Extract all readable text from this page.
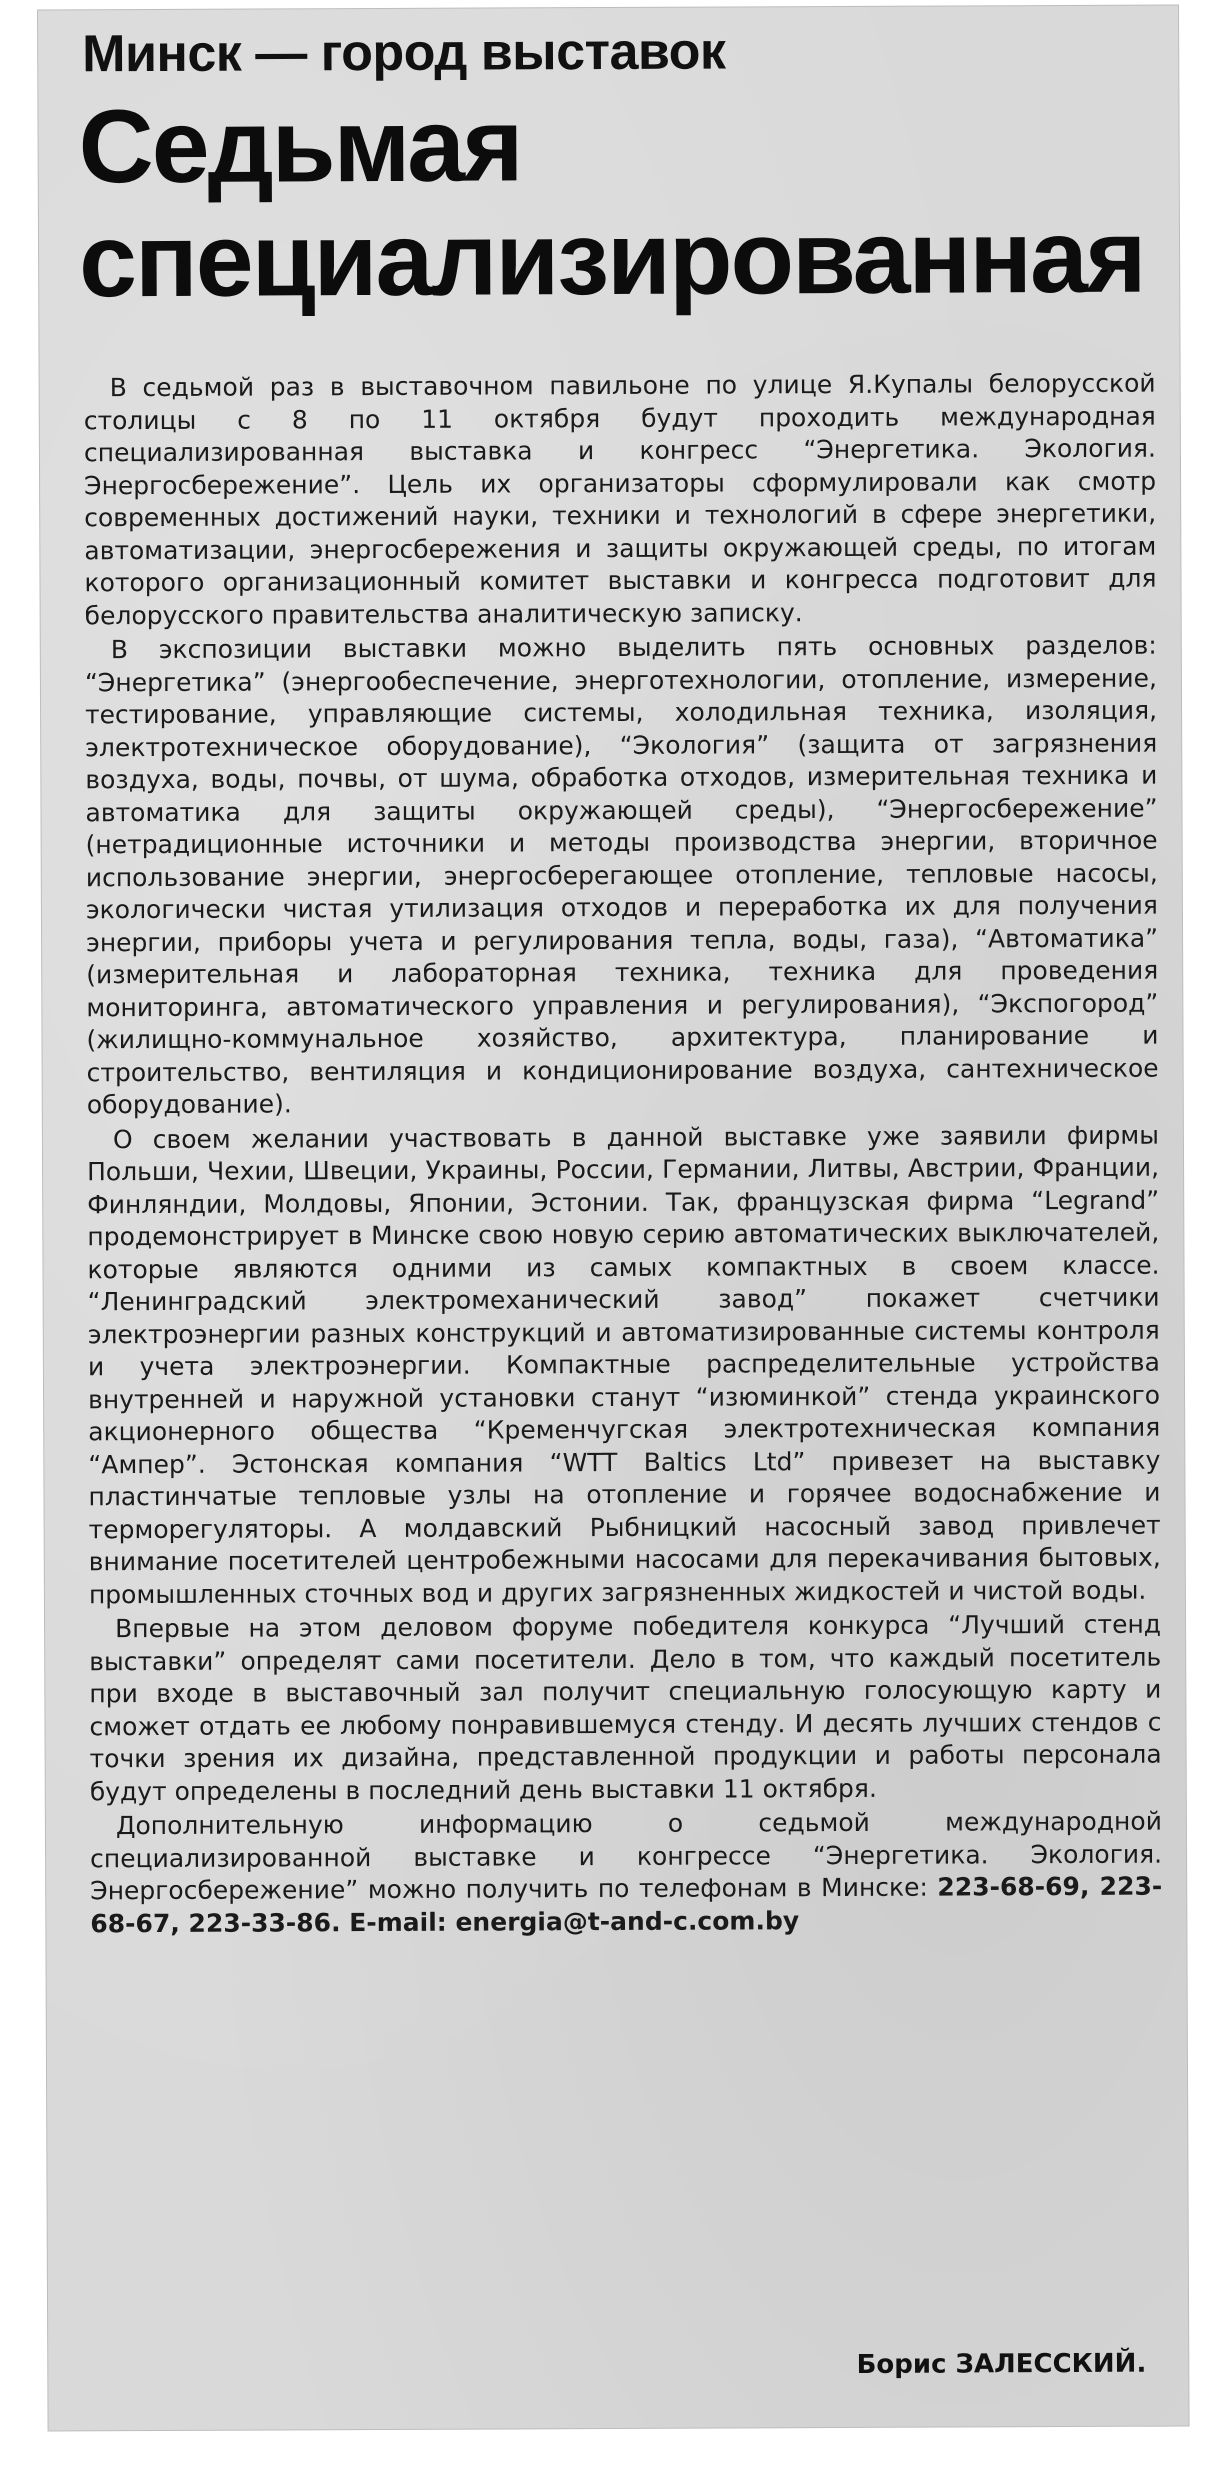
Минск — город выставок
Седьмая
специализированная

В седьмой раз в выставочном павильоне по улице Я.Купалы белорусской столицы с 8 по 11 октября будут проходить международная специализированная выставка и конгресс “Энергетика. Экология. Энергосбережение”. Цель их организаторы сформулировали как смотр современных достижений науки, техники и технологий в сфере энергетики, автоматизации, энергосбережения и защиты окружающей среды, по итогам которого организационный комитет выставки и конгресса подготовит для белорусского правительства аналитическую записку.

В экспозиции выставки можно выделить пять основных разделов: “Энергетика” (энергообеспечение, энерготехнологии, отопление, измерение, тестирование, управляющие системы, холодильная техника, изоляция, электротехническое оборудование), “Экология” (защита от загрязнения воздуха, воды, почвы, от шума, обработка отходов, измерительная техника и автоматика для защиты окружающей среды), “Энергосбережение” (нетрадиционные источники и методы производства энергии, вторичное использование энергии, энергосберегающее отопление, тепловые насосы, экологически чистая утилизация отходов и переработка их для получения энергии, приборы учета и регулирования тепла, воды, газа), “Автоматика” (измерительная и лабораторная техника, техника для проведения мониторинга, автоматического управления и регулирования), “Экспогород” (жилищно-коммунальное хозяйство, архитектура, планирование и строительство, вентиляция и кондиционирование воздуха, сантехническое оборудование).

О своем желании участвовать в данной выставке уже заявили фирмы Польши, Чехии, Швеции, Украины, России, Германии, Литвы, Австрии, Франции, Финляндии, Молдовы, Японии, Эстонии. Так, французская фирма “Legrand” продемонстрирует в Минске свою новую серию автоматических выключателей, которые являются одними из самых компактных в своем классе. “Ленинградский электромеханический завод” покажет счетчики электроэнергии разных конструкций и автоматизированные системы контроля и учета электроэнергии. Компактные распределительные устройства внутренней и наружной установки станут “изюминкой” стенда украинского акционерного общества “Кременчугская электротехническая компания “Ампер”. Эстонская компания “WTT Baltics Ltd” привезет на выставку пластинчатые тепловые узлы на отопление и горячее водоснабжение и терморегуляторы. А молдавский Рыбницкий насосный завод привлечет внимание посетителей центробежными насосами для перекачивания бытовых, промышленных сточных вод и других загрязненных жидкостей и чистой воды.

Впервые на этом деловом форуме победителя конкурса “Лучший стенд выставки” определят сами посетители. Дело в том, что каждый посетитель при входе в выставочный зал получит специальную голосующую карту и сможет отдать ее любому понравившемуся стенду. И десять лучших стендов с точки зрения их дизайна, представленной продукции и работы персонала будут определены в последний день выставки 11 октября.

Дополнительную информацию о седьмой международной специализированной выставке и конгрессе “Энергетика. Экология. Энергосбережение” можно получить по телефонам в Минске: 223-68-69, 223-68-67, 223-33-86. E-mail: energia@t-and-c.com.by

Борис ЗАЛЕССКИЙ.
